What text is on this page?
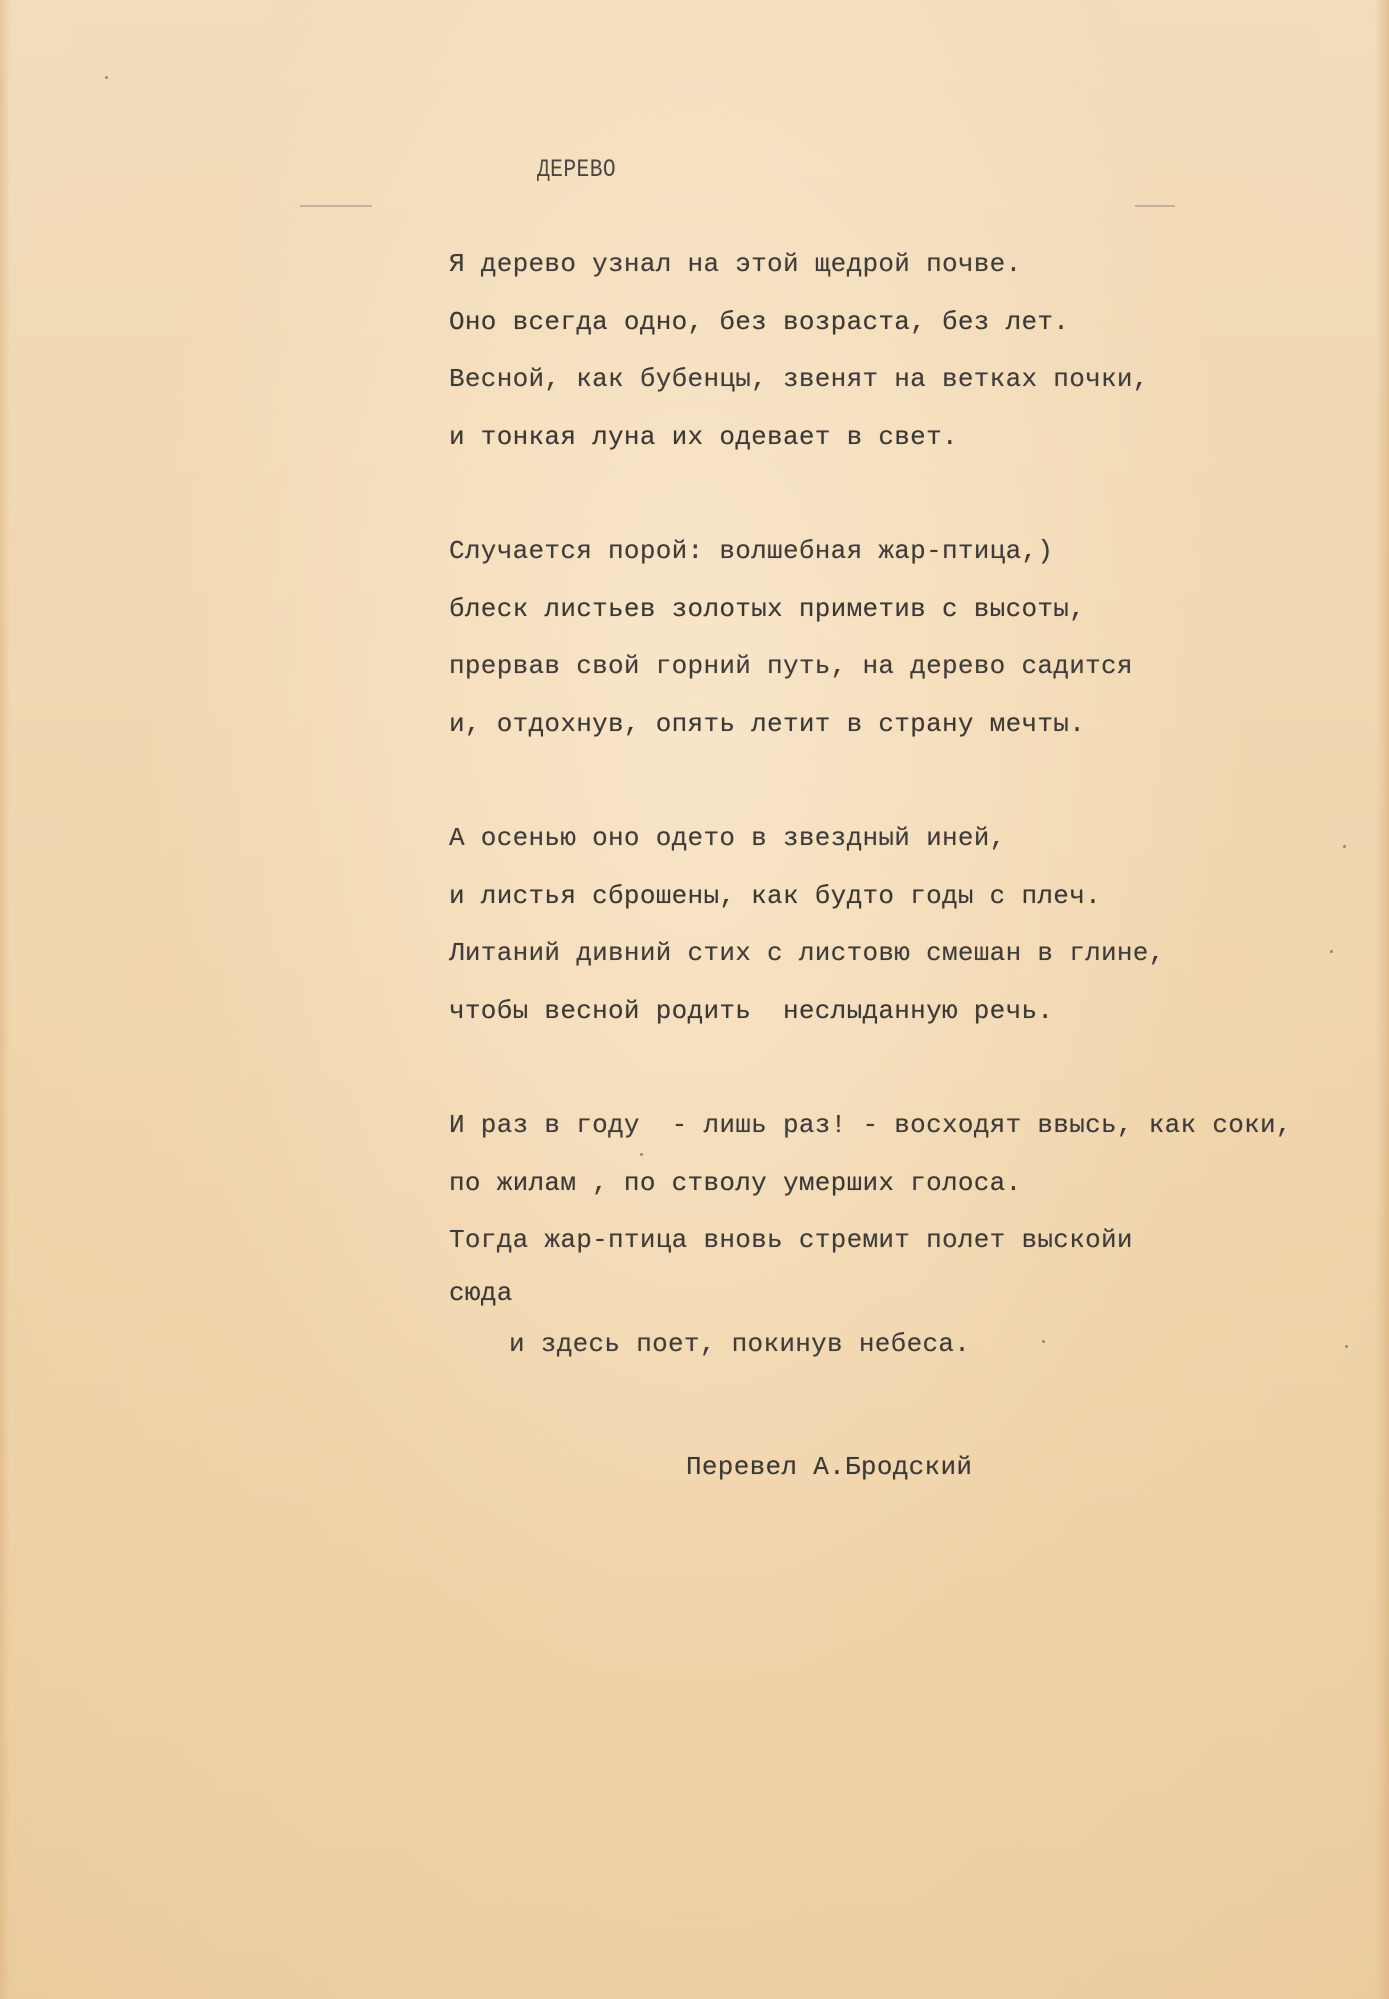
ДЕРЕВО
Я дерево узнал на этой щедрой почве.
Оно всегда одно, без возраста, без лет.
Весной, как бубенцы, звенят на ветках почки,
и тонкая луна их одевает в свет.
Случается порой: волшебная жар-птица,)
блеск листьев золотых приметив с высоты,
прервав свой горний путь, на дерево садится
и, отдохнув, опять летит в страну мечты.
А осенью оно одето в звездный иней,
и листья сброшены, как будто годы с плеч.
Литаний дивний стих с листовю смешан в глине,
чтобы весной родить  неслыданную речь.
И раз в году  - лишь раз! - восходят ввысь, как соки,
по жилам , по стволу умерших голоса.
Тогда жар-птица вновь стремит полет выскойи
сюда
и здесь поет, покинув небеса.
Перевел А.Бродский
